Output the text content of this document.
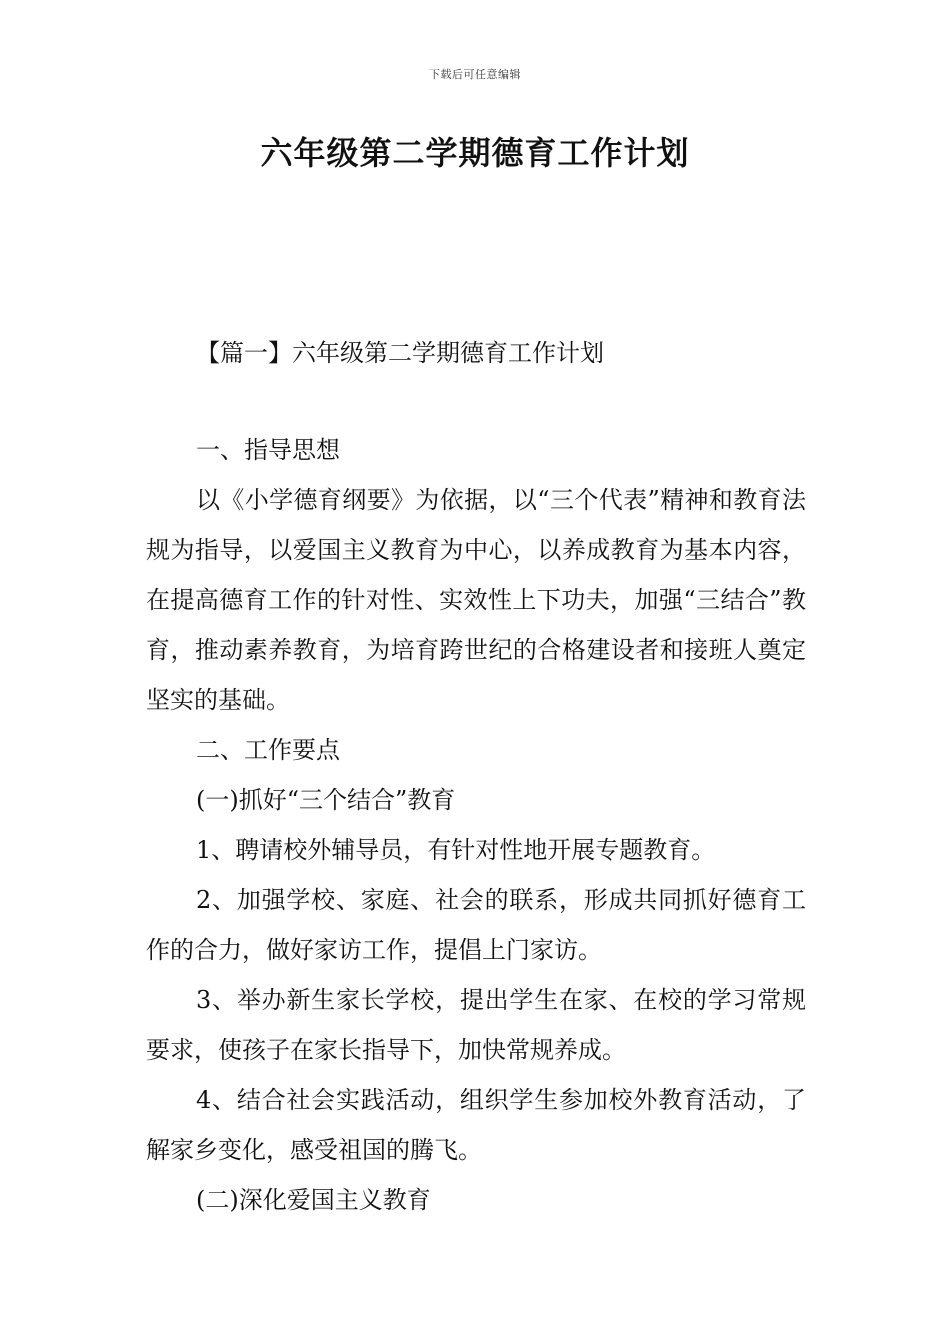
下载后可任意编辑
六年级第二学期德育工作计划
【篇一】六年级第二学期德育工作计划

一、指导思想

以《小学德育纲要》为依据，以“三个代表”精神和教育法规为指导，以爱国主义教育为中心，以养成教育为基本内容，在提高德育工作的针对性、实效性上下功夫，加强“三结合”教育，推动素养教育，为培育跨世纪的合格建设者和接班人奠定坚实的基础。

二、工作要点

(一)抓好“三个结合”教育

1、聘请校外辅导员，有针对性地开展专题教育。

2、加强学校、家庭、社会的联系，形成共同抓好德育工作的合力，做好家访工作，提倡上门家访。

3、举办新生家长学校，提出学生在家、在校的学习常规要求，使孩子在家长指导下，加快常规养成。

4、结合社会实践活动，组织学生参加校外教育活动，了解家乡变化，感受祖国的腾飞。

(二)深化爱国主义教育
